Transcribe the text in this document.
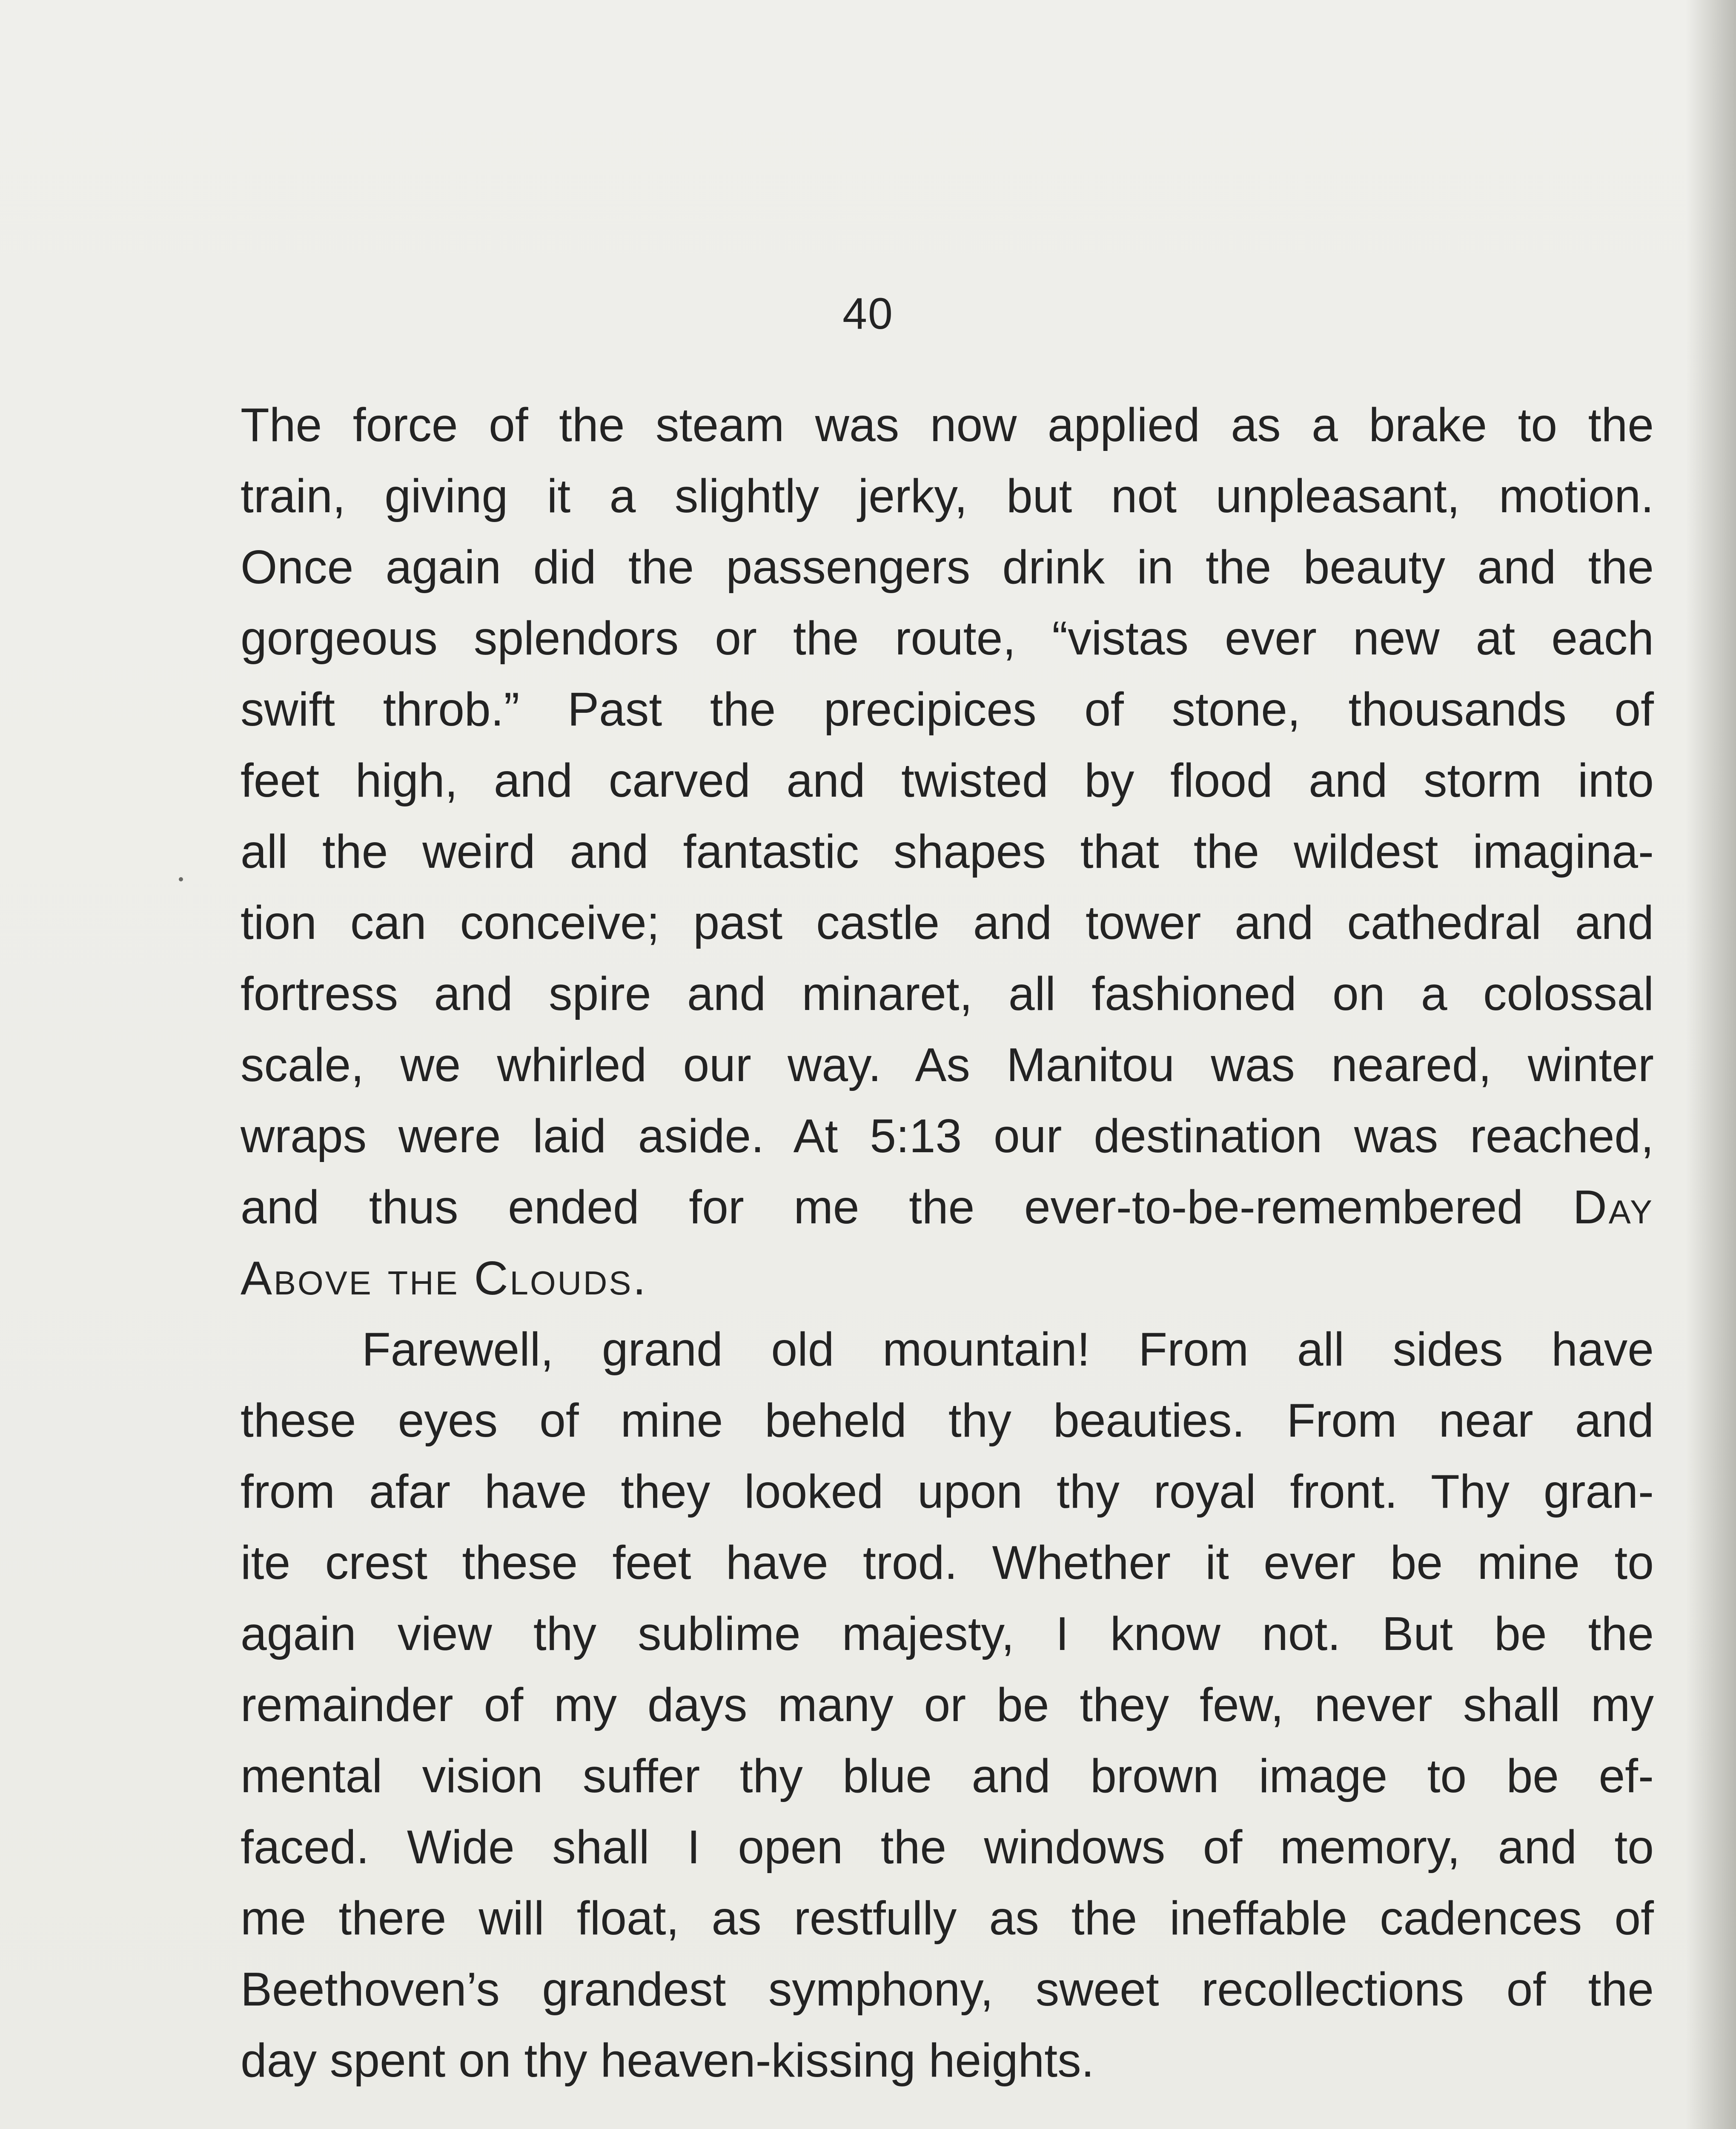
40
The force of the steam was now applied as a brake to the
train, giving it a slightly jerky, but not unpleasant, motion.
Once again did the passengers drink in the beauty and the
gorgeous splendors or the route, “vistas ever new at each
swift throb.” Past the precipices of stone, thousands of
feet high, and carved and twisted by flood and storm into
all the weird and fantastic shapes that the wildest imagina-
tion can conceive; past castle and tower and cathedral and
fortress and spire and minaret, all fashioned on a colossal
scale, we whirled our way. As Manitou was neared, winter
wraps were laid aside. At 5:13 our destination was reached,
and thus ended for me the ever-to-be-remembered Day
Above the Clouds.
Farewell, grand old mountain! From all sides have
these eyes of mine beheld thy beauties. From near and
from afar have they looked upon thy royal front. Thy gran-
ite crest these feet have trod. Whether it ever be mine to
again view thy sublime majesty, I know not. But be the
remainder of my days many or be they few, never shall my
mental vision suffer thy blue and brown image to be ef-
faced. Wide shall I open the windows of memory, and to
me there will float, as restfully as the ineffable cadences of
Beethoven’s grandest symphony, sweet recollections of the
day spent on thy heaven-kissing heights.
